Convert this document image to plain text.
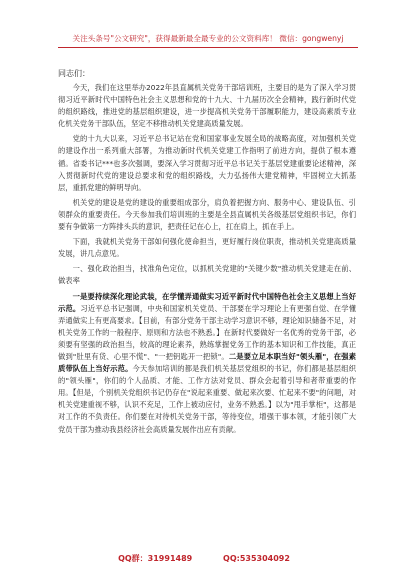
关注头条号"公文研究"，获得最新最全最专业的公文资料库！ 微信：gongwenyj

同志们：

今天，我们在这里举办2022年县直属机关党务干部培训班，主要目的是为了深入学习贯彻习近平新时代中国特色社会主义思想和党的十九大、十九届历次全会精神，践行新时代党的组织路线，推进党的基层组织建设，进一步提高机关党务干部履职能力，建设高素质专业化机关党务干部队伍，坚定不移推动机关党建高质量发展。

党的十九大以来，习近平总书记站在党和国家事业发展全局的战略高度，对加强机关党的建设作出一系列重大部署，为推动新时代机关党建工作指明了前进方向，提供了根本遵循。省委书记***也多次强调，要深入学习贯彻习近平总书记关于基层党建重要论述精神，深入贯彻新时代党的建设总要求和党的组织路线，大力弘扬伟大建党精神，牢固树立大抓基层，重抓党建的鲜明导向。

机关党的建设是党的建设的重要组成部分，肩负着把握方向、服务中心、建设队伍、引领群众的重要责任。今天参加我们培训班的主要是全县直属机关各级基层党组织书记，你们要有争做第一方阵排头兵的意识，把责任记在心上，扛在肩上，抓在手上。

下面，我就机关党务干部如何强化使命担当，更好履行岗位职责，推动机关党建高质量发展，讲几点意见。

一、强化政治担当，找准角色定位，以抓机关党建的"关键少数"推动机关党建走在前、做表率

一是要持续深化理论武装，在学懂弄通做实习近平新时代中国特色社会主义思想上当好示范。习近平总书记强调，中央和国家机关党员、干部要在学习理论上有更强自觉、在学懂弄通做实上有更高要求。【目前，有部分党务干部主动学习意识不够，理论知识储备不足，对机关党务工作的一般程序、原则和方法也不熟悉。】在新时代要做好一名优秀的党务干部，必须要有坚强的政治担当，较高的理论素养，熟练掌握党务工作的基本知识和工作技能，真正做到"肚里有货、心里不慌"、"一把钥匙开一把锁"。二是要立足本职当好"领头雁"，在强素质带队伍上当好示范。今天参加培训的都是我们机关基层党组织的书记，你们都是基层组织的"领头雁"，你们的个人品质、才能、工作方法对党员、群众会起着引导和者带重要的作用。【但是，个别机关党组织书记仍存在"说起来重要、做起来次要、忙起来不要"的问题，对机关党建重视不够，认识不充足，工作上被动应付，业务不熟悉。】以为"甩手掌柜"，这都是对工作的不负责任。你们要在对待机关党务干部，等待变位，增强干事本领，才能引领广大党员干部为推动我县经济社会高质量发展作出应有贡献。

QQ群：31991489	QQ:535304092
